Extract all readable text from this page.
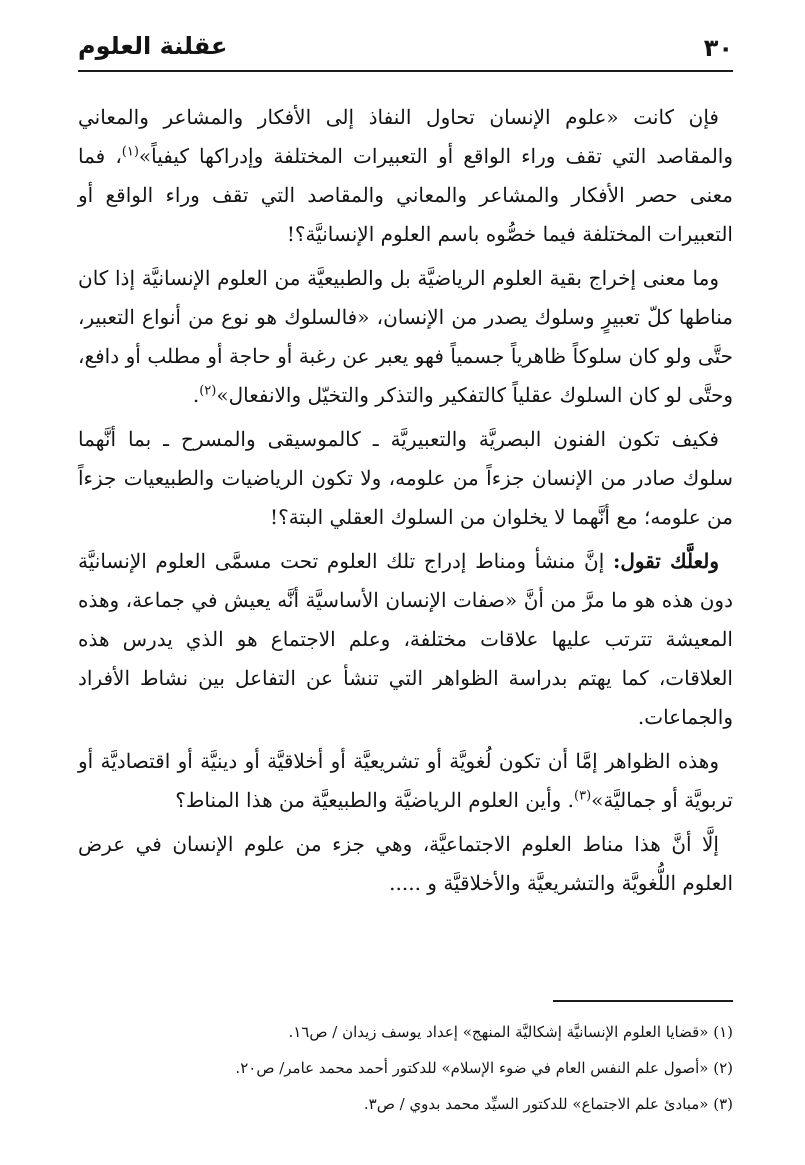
٣٠
عقلنة العلوم

فإن كانت «علوم الإنسان تحاول النفاذ إلى الأفكار والمشاعر والمعاني والمقاصد التي تقف وراء الواقع أو التعبيرات المختلفة وإدراكها كيفياً»$^{(١)}$، فما معنى حصر الأفكار والمشاعر والمعاني والمقاصد التي تقف وراء الواقع أو التعبيرات المختلفة فيما خصُّوه باسم العلوم الإنسانيَّة؟!

وما معنى إخراج بقية العلوم الرياضيَّة بل والطبيعيَّة من العلوم الإنسانيَّة إذا كان مناطها كلّ تعبيرٍ وسلوك يصدر من الإنسان، «فالسلوك هو نوع من أنواع التعبير، حتَّى ولو كان سلوكاً ظاهرياً جسمياً فهو يعبر عن رغبة أو حاجة أو مطلب أو دافع، وحتَّى لو كان السلوك عقلياً كالتفكير والتذكر والتخيّل والانفعال»$^{(٢)}$.

فكيف تكون الفنون البصريَّة والتعبيريَّة ـ كالموسيقى والمسرح ـ بما أنَّهما سلوك صادر من الإنسان جزءاً من علومه، ولا تكون الرياضيات والطبيعيات جزءاً من علومه؛ مع أنَّهما لا يخلوان من السلوك العقلي البتة؟!

ولعلَّك تقول: إنَّ منشأ ومناط إدراج تلك العلوم تحت مسمَّى العلوم الإنسانيَّة دون هذه هو ما مرَّ من أنَّ «صفات الإنسان الأساسيَّة أنَّه يعيش في جماعة، وهذه المعيشة تترتب عليها علاقات مختلفة، وعلم الاجتماع هو الذي يدرس هذه العلاقات، كما يهتم بدراسة الظواهر التي تنشأ عن التفاعل بين نشاط الأفراد والجماعات.

وهذه الظواهر إمَّا أن تكون لُغويَّة أو تشريعيَّة أو أخلاقيَّة أو دينيَّة أو اقتصاديَّة أو تربويَّة أو جماليَّة»$^{(٣)}$. وأين العلوم الرياضيَّة والطبيعيَّة من هذا المناط؟

إلَّا أنَّ هذا مناط العلوم الاجتماعيَّة، وهي جزء من علوم الإنسان في عرض العلوم اللُّغويَّة والتشريعيَّة والأخلاقيَّة و .....

(١) «قضايا العلوم الإنسانيَّة إشكاليَّة المنهج» إعداد يوسف زيدان / ص١٦.

(٢) «أصول علم النفس العام في ضوء الإسلام» للدكتور أحمد محمد عامر/ ص٢٠.

(٣) «مبادئ علم الاجتماع» للدكتور السيِّد محمد بدوي / ص٣.
